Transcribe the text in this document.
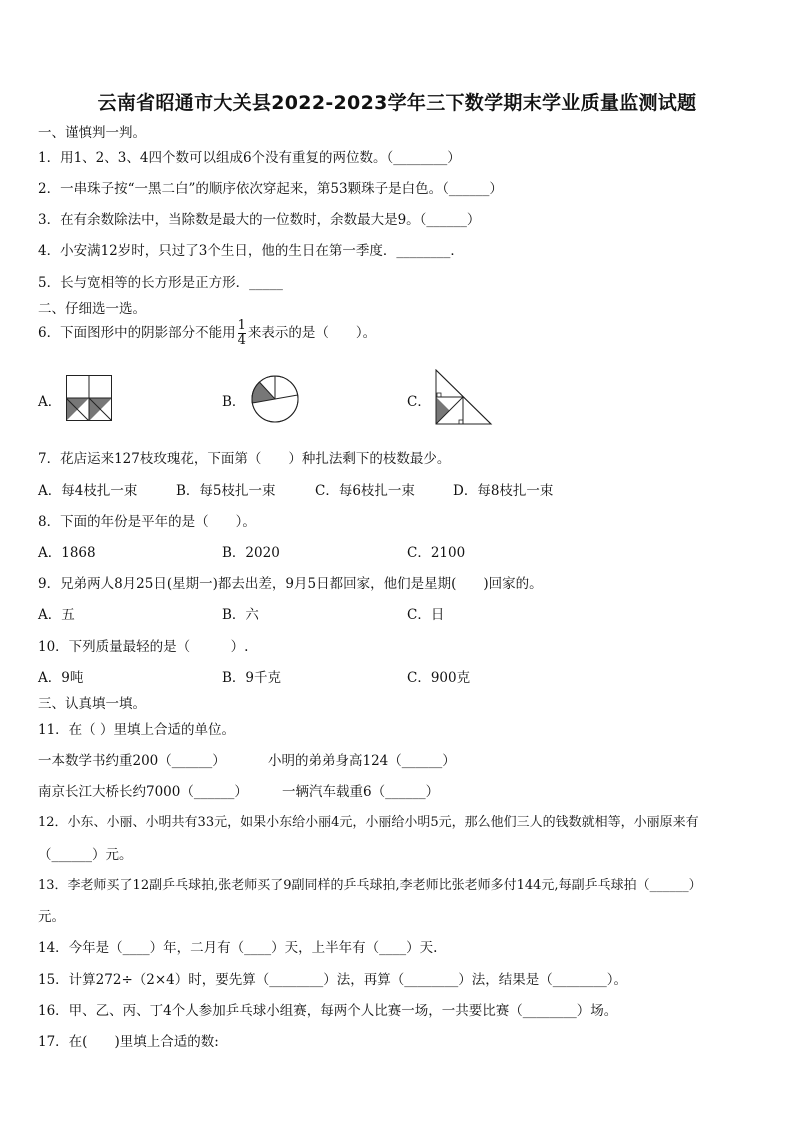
云南省昭通市大关县2022-2023学年三下数学期末学业质量监测试题
一、谨慎判一判。
1．用1、2、3、4四个数可以组成6个没有重复的两位数。（________）
2．一串珠子按“一黑二白”的顺序依次穿起来，第53颗珠子是白色。（______）
3．在有余数除法中，当除数是最大的一位数时，余数最大是9。（______）
4．小安满12岁时，只过了3个生日，他的生日在第一季度．________．
5．长与宽相等的长方形是正方形．_____
二、仔细选一选。
6．下面图形中的阴影部分不能用 $\frac{1}{4}$ 来表示的是（　　）。
A．	B．	C．
7．花店运来127枝玫瑰花，下面第（　　）种扎法剩下的枝数最少。
A．每4枝扎一束	B．每5枝扎一束	C．每6枝扎一束	D．每8枝扎一束
8．下面的年份是平年的是（　　）。
A．1868	B．2020	C．2100
9．兄弟两人8月25日(星期一)都去出差，9月5日都回家，他们是星期(　　)回家的。
A．五	B．六	C．日
10．下列质量最轻的是（　　　）.
A．9吨	B．9千克	C．900克
三、认真填一填。
11．在（ ）里填上合适的单位。
一本数学书约重200（______）	小明的弟弟身高124（______）
南京长江大桥长约7000（______）	一辆汽车载重6（______）
12．小东、小丽、小明共有33元，如果小东给小丽4元，小丽给小明5元，那么他们三人的钱数就相等，小丽原来有
（______）元。
13．李老师买了12副乒乓球拍,张老师买了9副同样的乒乓球拍,李老师比张老师多付144元,每副乒乓球拍（______）
元。
14．今年是（____）年，二月有（____）天，上半年有（____）天.
15．计算272÷（2×4）时，要先算（________）法，再算（________）法，结果是（________）。
16．甲、乙、丙、丁4个人参加乒乓球小组赛，每两个人比赛一场，一共要比赛（________）场。
17．在(　　)里填上合适的数:
